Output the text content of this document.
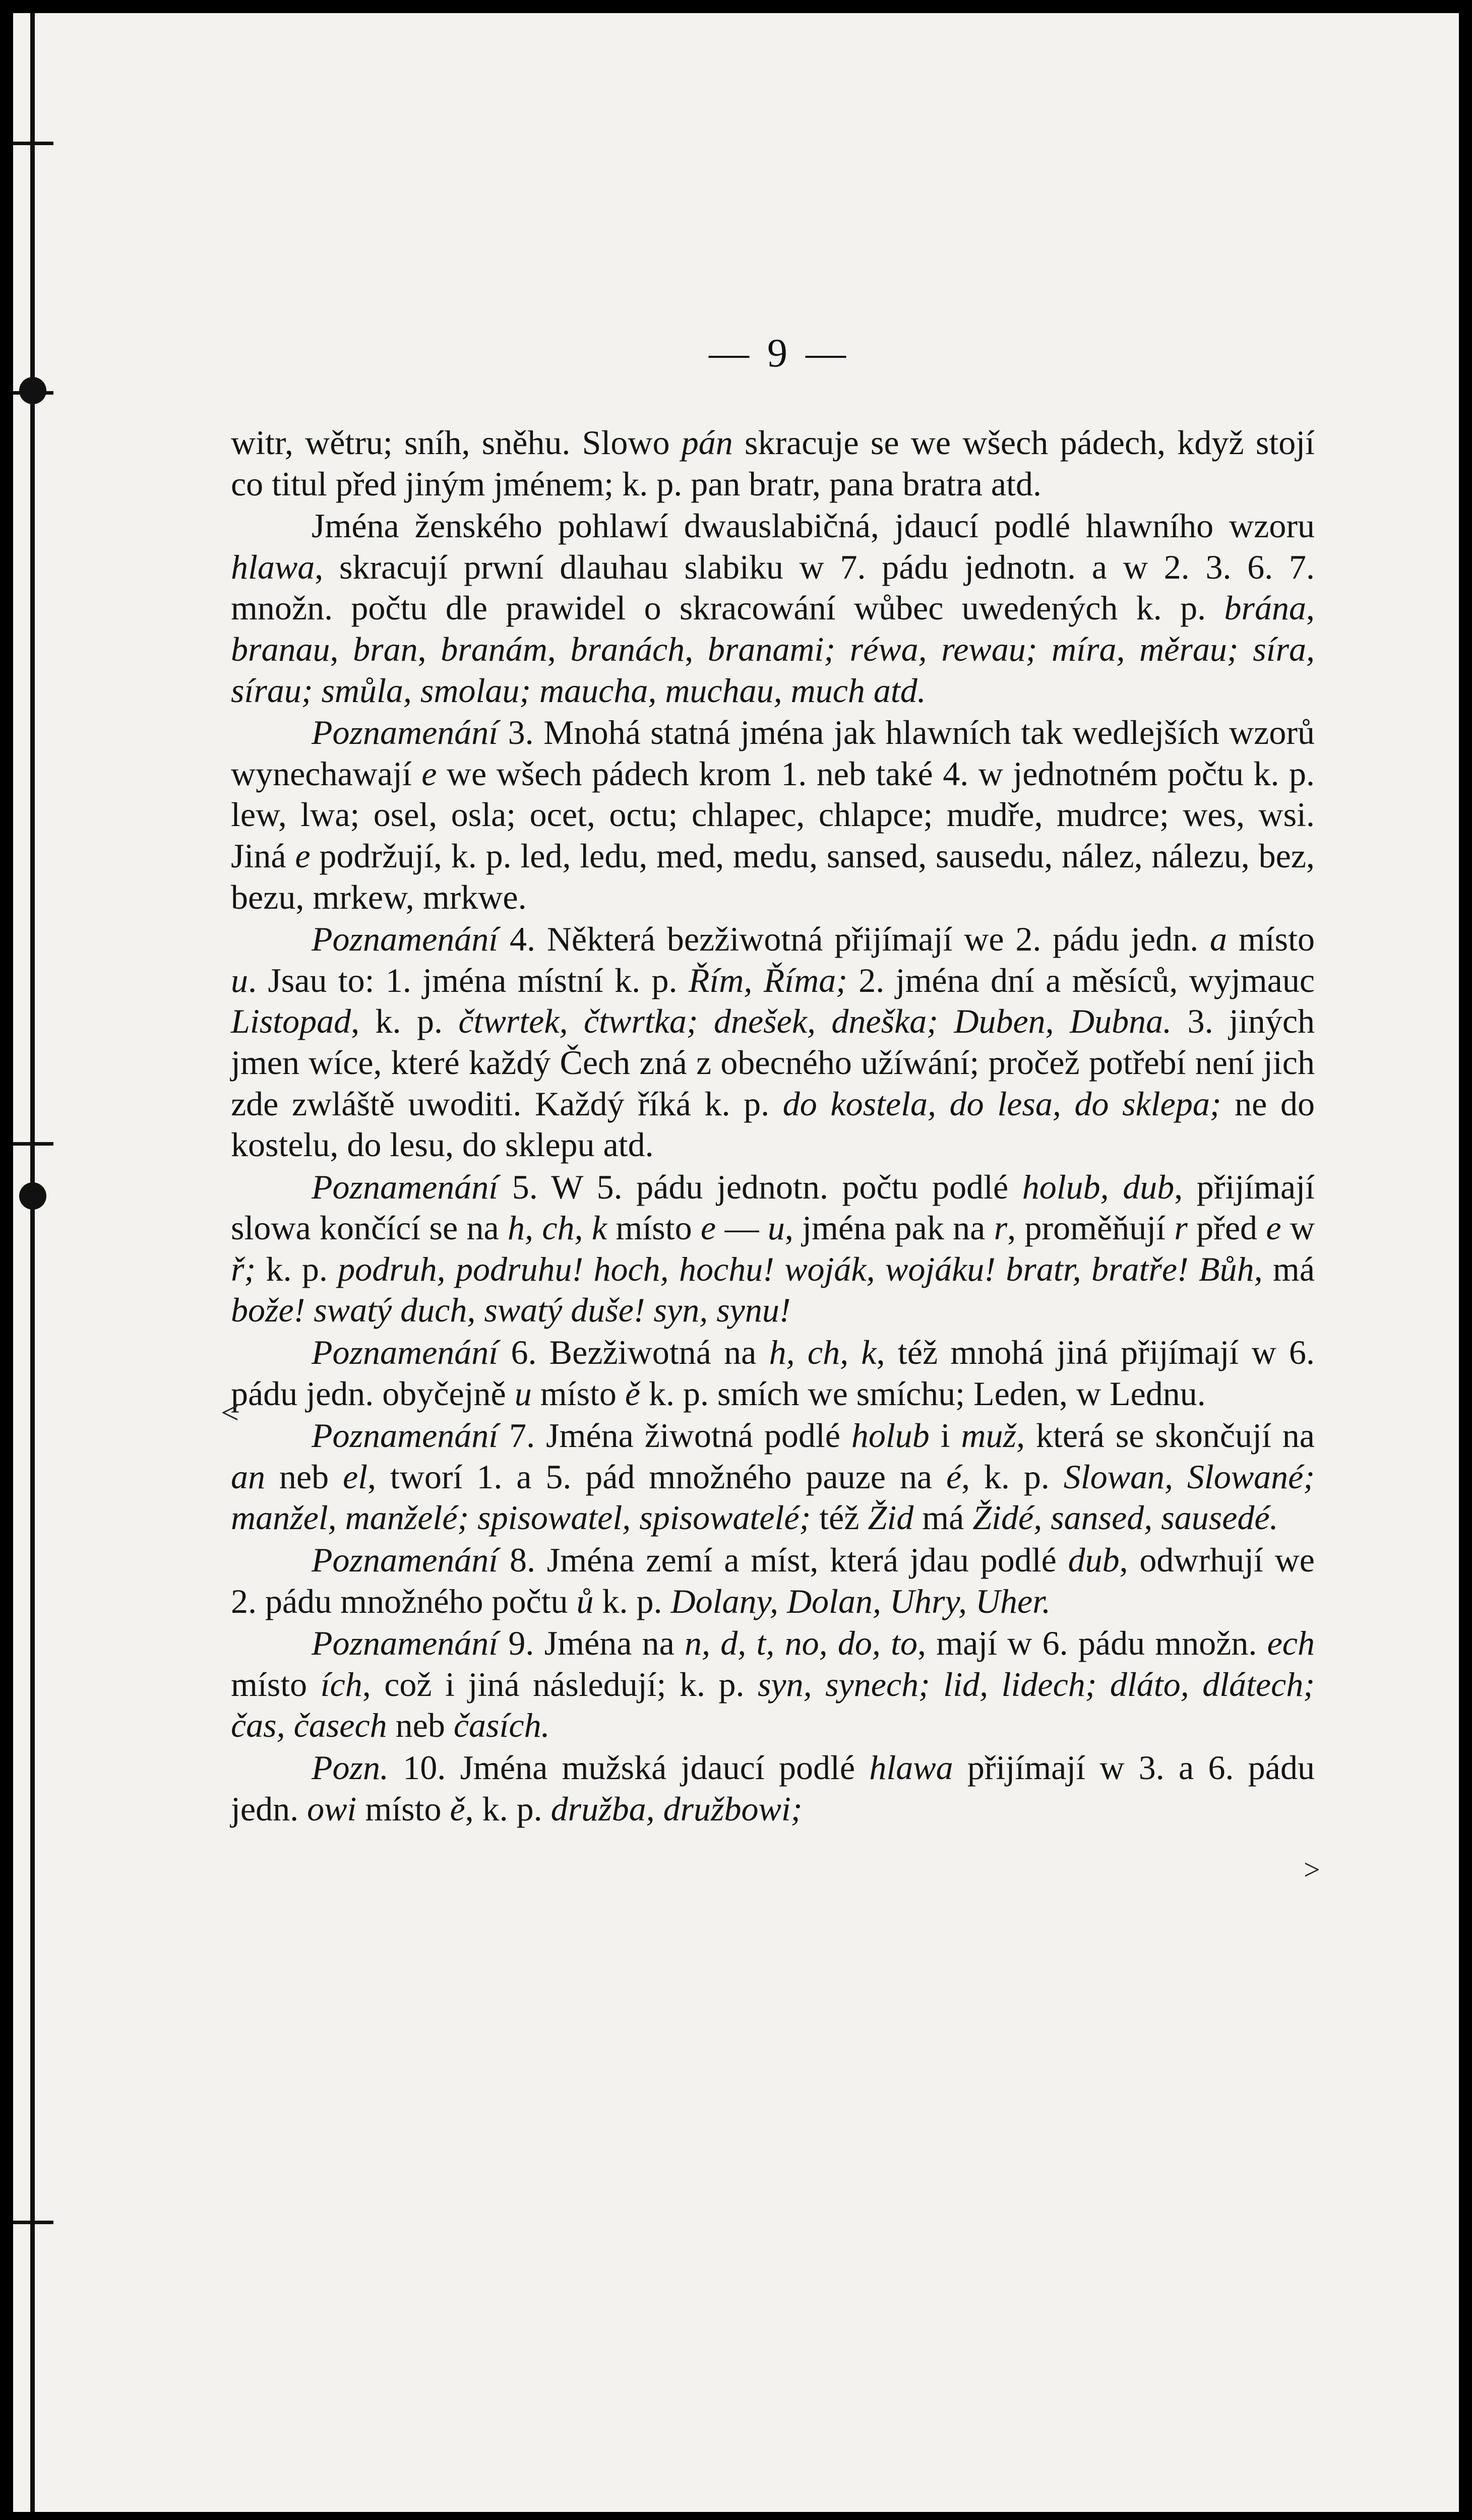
— 9 —

witr, wětru; sníh, sněhu. Slowo pán skracuje se we wšech pádech, když stojí co titul před jiným jménem; k. p. pan bratr, pana bratra atd.

Jména ženského pohlawí dwauslabičná, jdaucí podlé hlawního wzoru hlawa, skracují prwní dlauhau slabiku w 7. pádu jednotn. a w 2. 3. 6. 7. množn. počtu dle prawidel o skracowání wůbec uwedených k. p. brána, branau, bran, branám, branách, branami; réwa, rewau; míra, měrau; síra, sírau; smůla, smolau; maucha, muchau, much atd.

Poznamenání 3. Mnohá statná jména jak hlawních tak wedlejších wzorů wynechawají e we wšech pádech krom 1. neb také 4. w jednotném počtu k. p. lew, lwa; osel, osla; ocet, octu; chlapec, chlapce; mudře, mudrce; wes, wsi. Jiná e podržují, k. p. led, ledu, med, medu, sansed, sausedu, nález, nálezu, bez, bezu, mrkew, mrkwe.

Poznamenání 4. Některá bezžiwotná přijímají we 2. pádu jedn. a místo u. Jsau to: 1. jména místní k. p. Řím, Říma; 2. jména dní a měsíců, wyjmauc Listopad, k. p. čtwrtek, čtwrtka; dnešek, dneška; Duben, Dubna. 3. jiných jmen wíce, které každý Čech zná z obecného užíwání; pročež potřebí není jich zde zwláště uwoditi. Každý říká k. p. do kostela, do lesa, do sklepa; ne do kostelu, do lesu, do sklepu atd.

Poznamenání 5. W 5. pádu jednotn. počtu podlé holub, dub, přijímají slowa končící se na h, ch, k místo e — u, jména pak na r, proměňují r před e w ř; k. p. podruh, podruhu! hoch, hochu! woják, wojáku! bratr, bratře! Bůh, má bože! swatý duch, swatý duše! syn, synu!

Poznamenání 6. Bezžiwotná na h, ch, k, též mnohá jiná přijímají w 6. pádu jedn. obyčejně u místo ě k. p. smích we smíchu; Leden, w Lednu.

Poznamenání 7. Jména žiwotná podlé holub i muž, která se skončují na an neb el, tworí 1. a 5. pád množného pauze na é, k. p. Slowan, Slowané; manžel, manželé; spisowatel, spisowatelé; též Žid má Židé, sansed, sausedé.

Poznamenání 8. Jména zemí a míst, která jdau podlé dub, odwrhují we 2. pádu množného počtu ů k. p. Dolany, Dolan, Uhry, Uher.

Poznamenání 9. Jména na n, d, t, no, do, to, mají w 6. pádu množn. ech místo ích, což i jiná následují; k. p. syn, synech; lid, lidech; dláto, dlátech; čas, časech neb časích.

Pozn. 10. Jména mužská jdaucí podlé hlawa přijímají w 3. a 6. pádu jedn. owi místo ě, k. p. družba, družbowi;

<
>
